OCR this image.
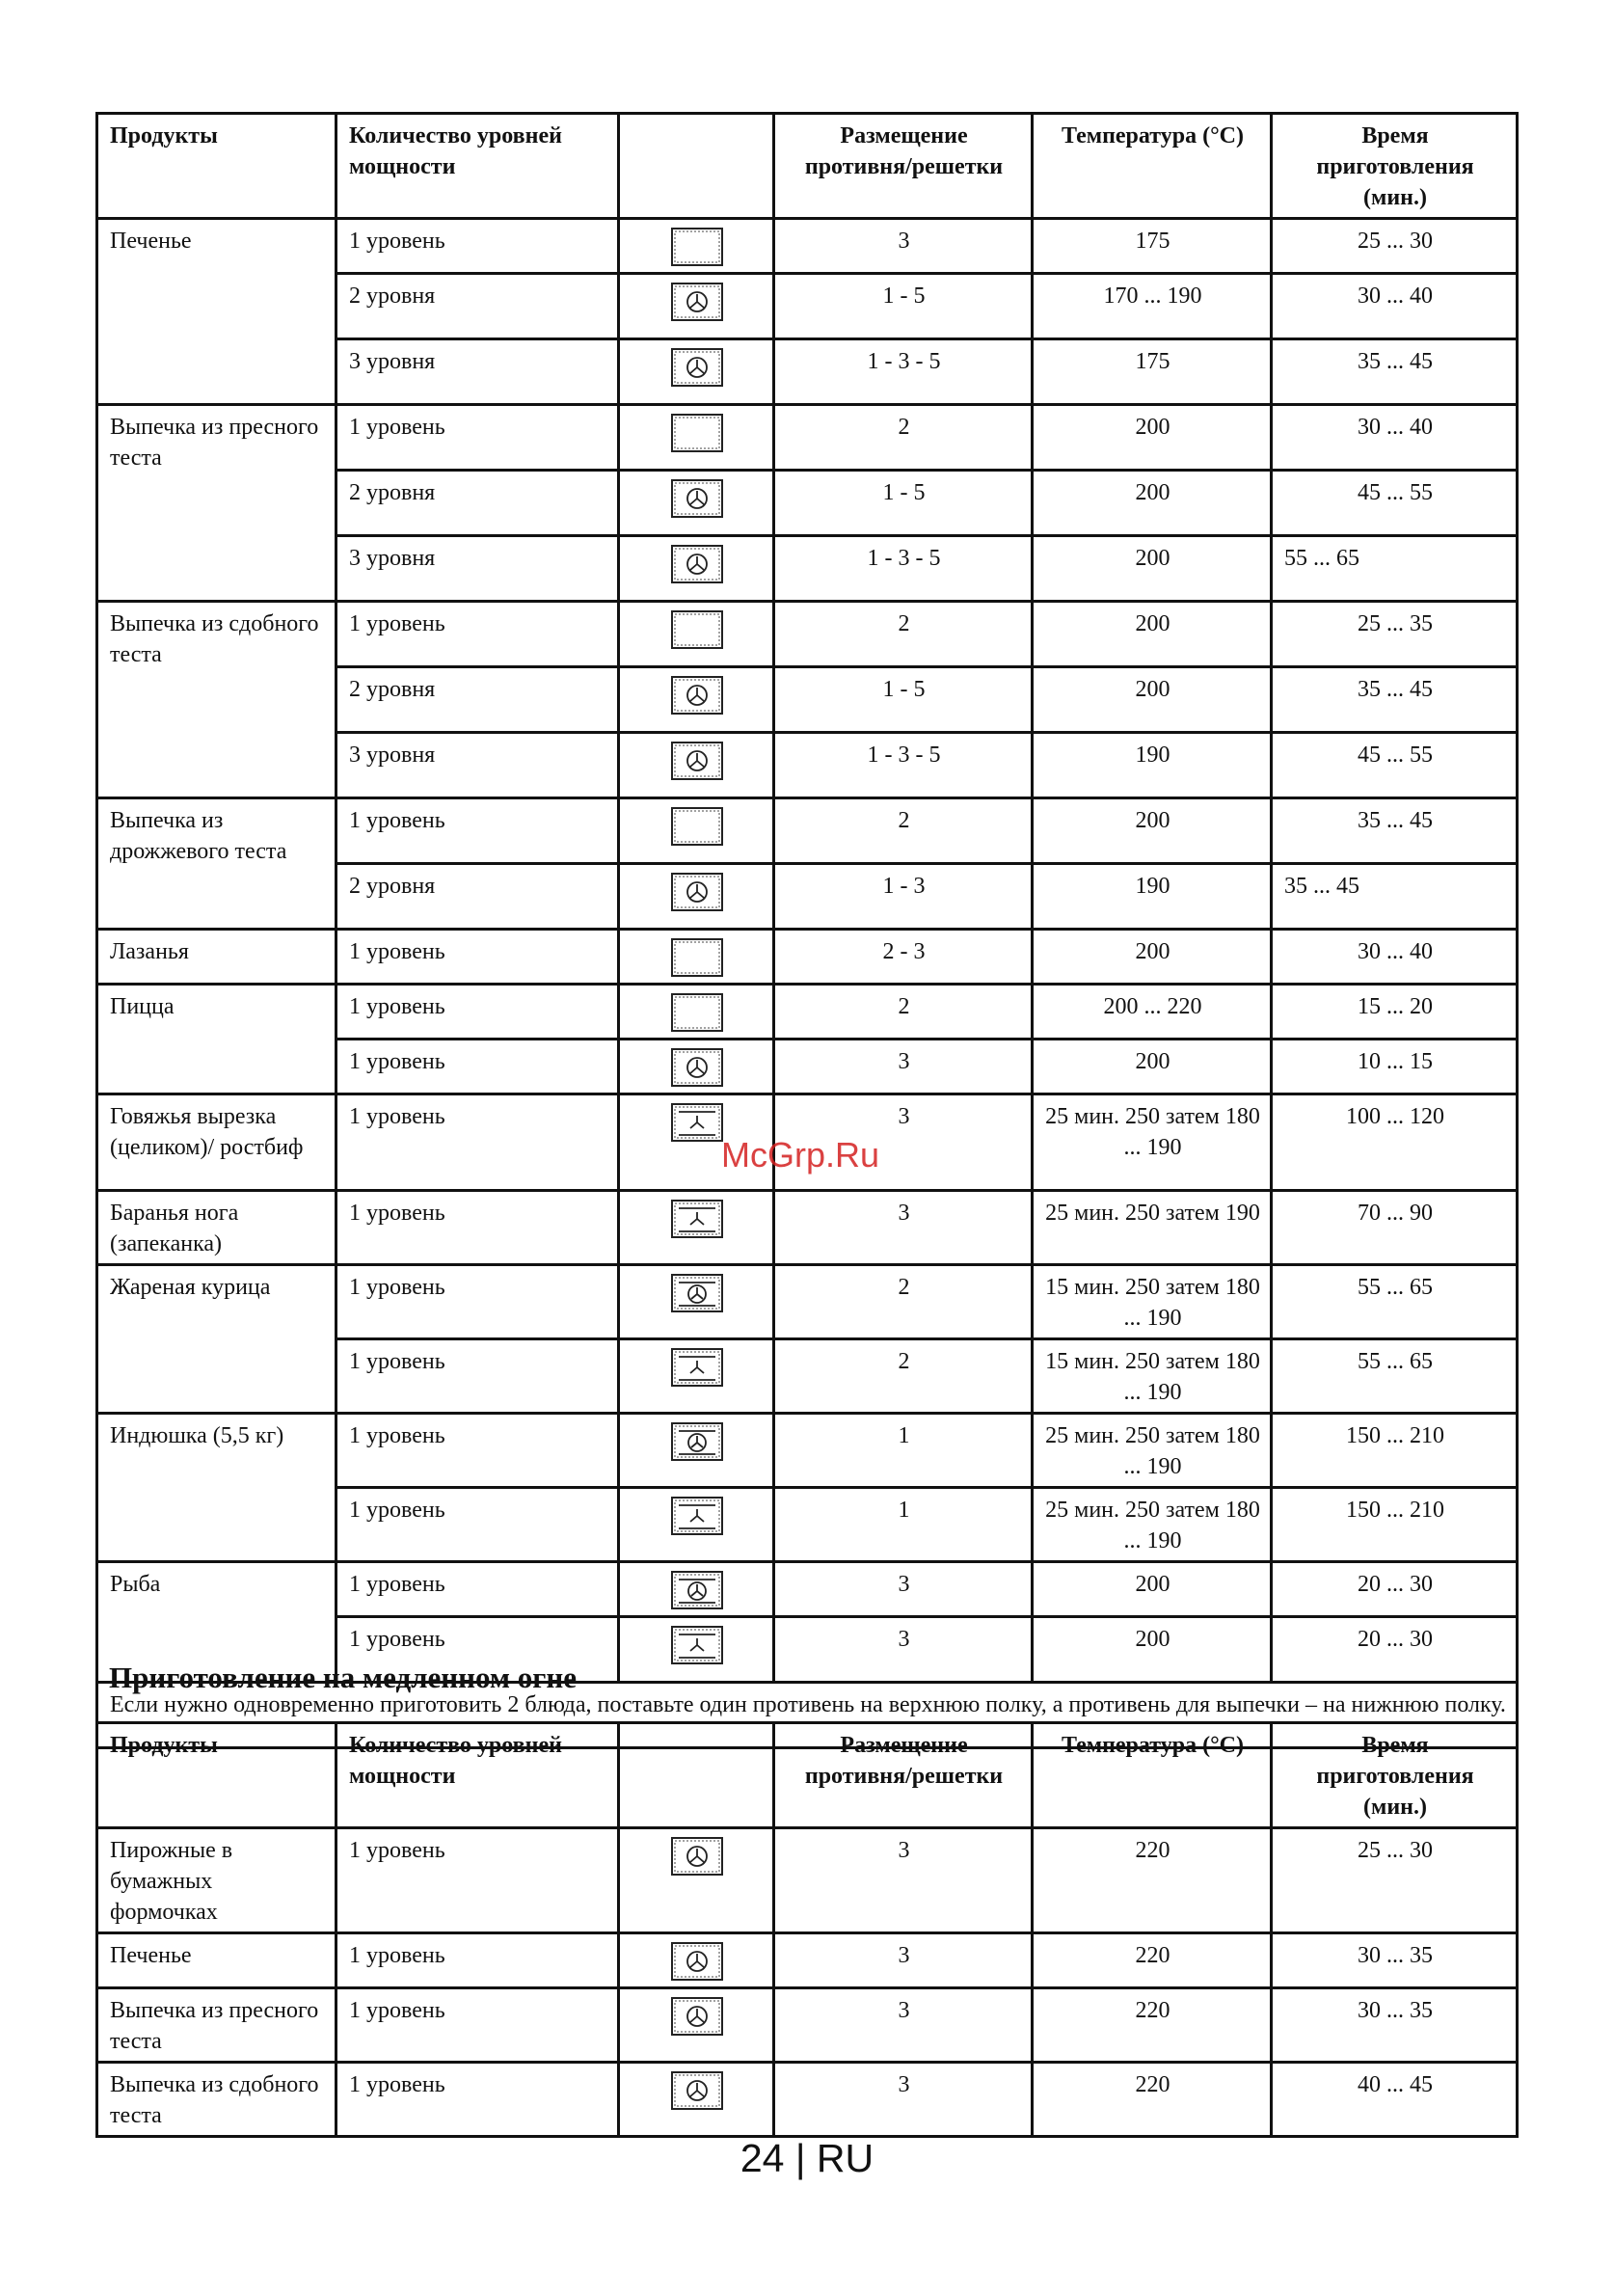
Продукты	Количество уровней мощности		Размещение противня/решетки	Температура (°C)	Время приготовления (мин.)
Печенье	1 уровень		3	175	25 ... 30
	2 уровня		1 - 5	170 ... 190	30 ... 40
	3 уровня		1 - 3 - 5	175	35 ... 45
Выпечка из пресного теста	1 уровень		2	200	30 ... 40
	2 уровня		1 - 5	200	45 ... 55
	3 уровня		1 - 3 - 5	200	55 ... 65
Выпечка из сдобного теста	1 уровень		2	200	25 ... 35
	2 уровня		1 - 5	200	35 ... 45
	3 уровня		1 - 3 - 5	190	45 ... 55
Выпечка из дрожжевого теста	1 уровень		2	200	35 ... 45
	2 уровня		1 - 3	190	35 ... 45
Лазанья	1 уровень		2 - 3	200	30 ... 40
Пицца	1 уровень		2	200 ... 220	15 ... 20
	1 уровень		3	200	10 ... 15
Говяжья вырезка (целиком)/ ростбиф	1 уровень		3	25 мин. 250 затем 180 ... 190	100 ... 120
Баранья нога (запеканка)	1 уровень		3	25 мин. 250 затем 190	70 ... 90
Жареная курица	1 уровень		2	15 мин. 250 затем 180 ... 190	55 ... 65
	1 уровень		2	15 мин. 250 затем 180 ... 190	55 ... 65
Индюшка (5,5 кг)	1 уровень		1	25 мин. 250 затем 180 ... 190	150 ... 210
	1 уровень		1	25 мин. 250 затем 180 ... 190	150 ... 210
Рыба	1 уровень		3	200	20 ... 30
	1 уровень		3	200	20 ... 30
Если нужно одновременно приготовить 2 блюда, поставьте один противень на верхнюю полку, а противень для выпечки – на нижнюю полку.					
Приготовление на медленном огне
Продукты	Количество уровней мощности		Размещение противня/решетки	Температура (°C)	Время приготовления (мин.)
Пирожные в бумажных формочках	1 уровень		3	220	25 ... 30
Печенье	1 уровень		3	220	30 ... 35
Выпечка из пресного теста	1 уровень		3	220	30 ... 35
Выпечка из сдобного теста	1 уровень		3	220	40 ... 45
McGrp.Ru
24 | RU
